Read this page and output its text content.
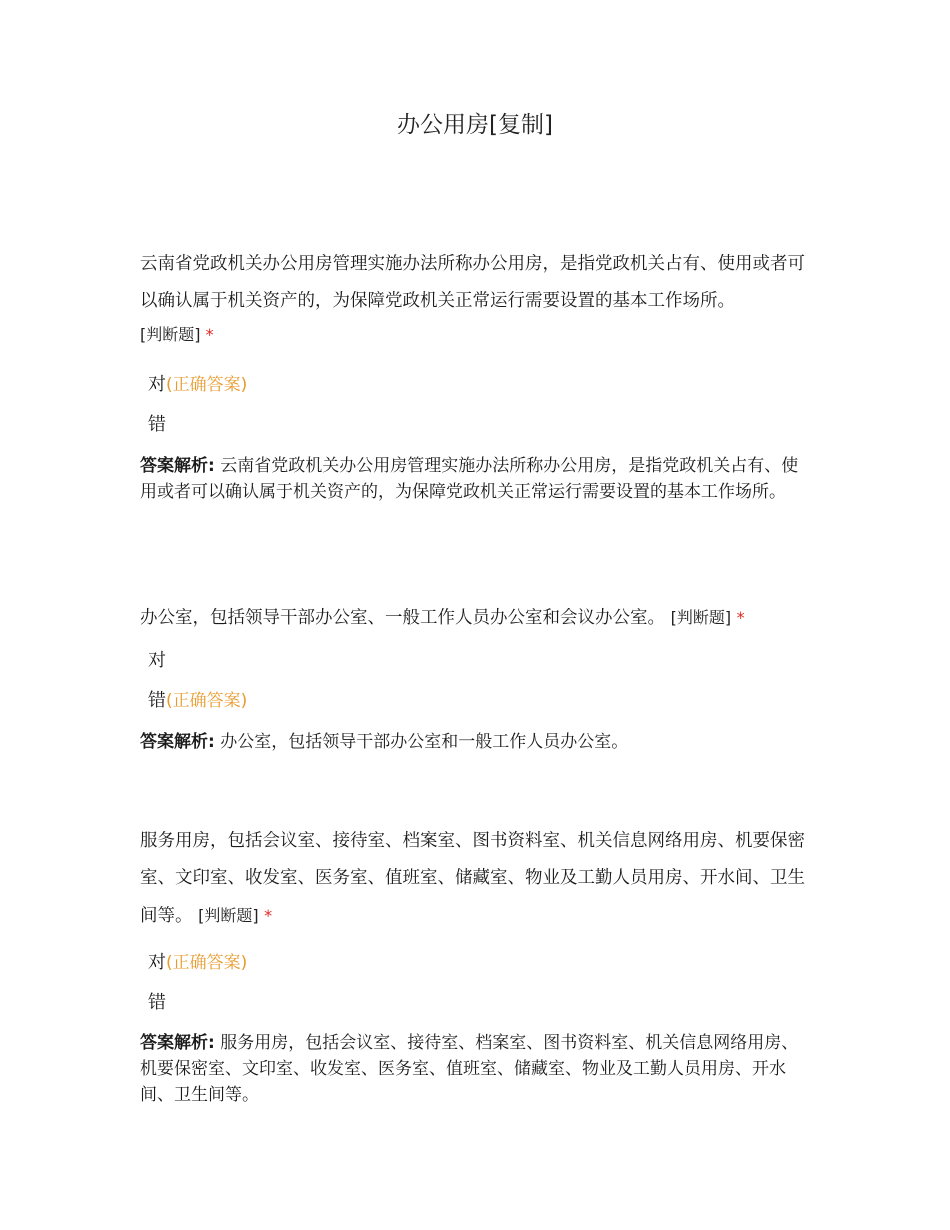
办公用房[复制]
云南省党政机关办公用房管理实施办法所称办公用房，是指党政机关占有、使用或者可以确认属于机关资产的，为保障党政机关正常运行需要设置的基本工作场所。
[判断题] *
对(正确答案)
错
答案解析: 云南省党政机关办公用房管理实施办法所称办公用房，是指党政机关占有、使用或者可以确认属于机关资产的，为保障党政机关正常运行需要设置的基本工作场所。
办公室，包括领导干部办公室、一般工作人员办公室和会议办公室。 [判断题] *
对
错(正确答案)
答案解析: 办公室，包括领导干部办公室和一般工作人员办公室。
服务用房，包括会议室、接待室、档案室、图书资料室、机关信息网络用房、机要保密室、文印室、收发室、医务室、值班室、储藏室、物业及工勤人员用房、开水间、卫生间等。 [判断题] *
对(正确答案)
错
答案解析: 服务用房，包括会议室、接待室、档案室、图书资料室、机关信息网络用房、机要保密室、文印室、收发室、医务室、值班室、储藏室、物业及工勤人员用房、开水间、卫生间等。
